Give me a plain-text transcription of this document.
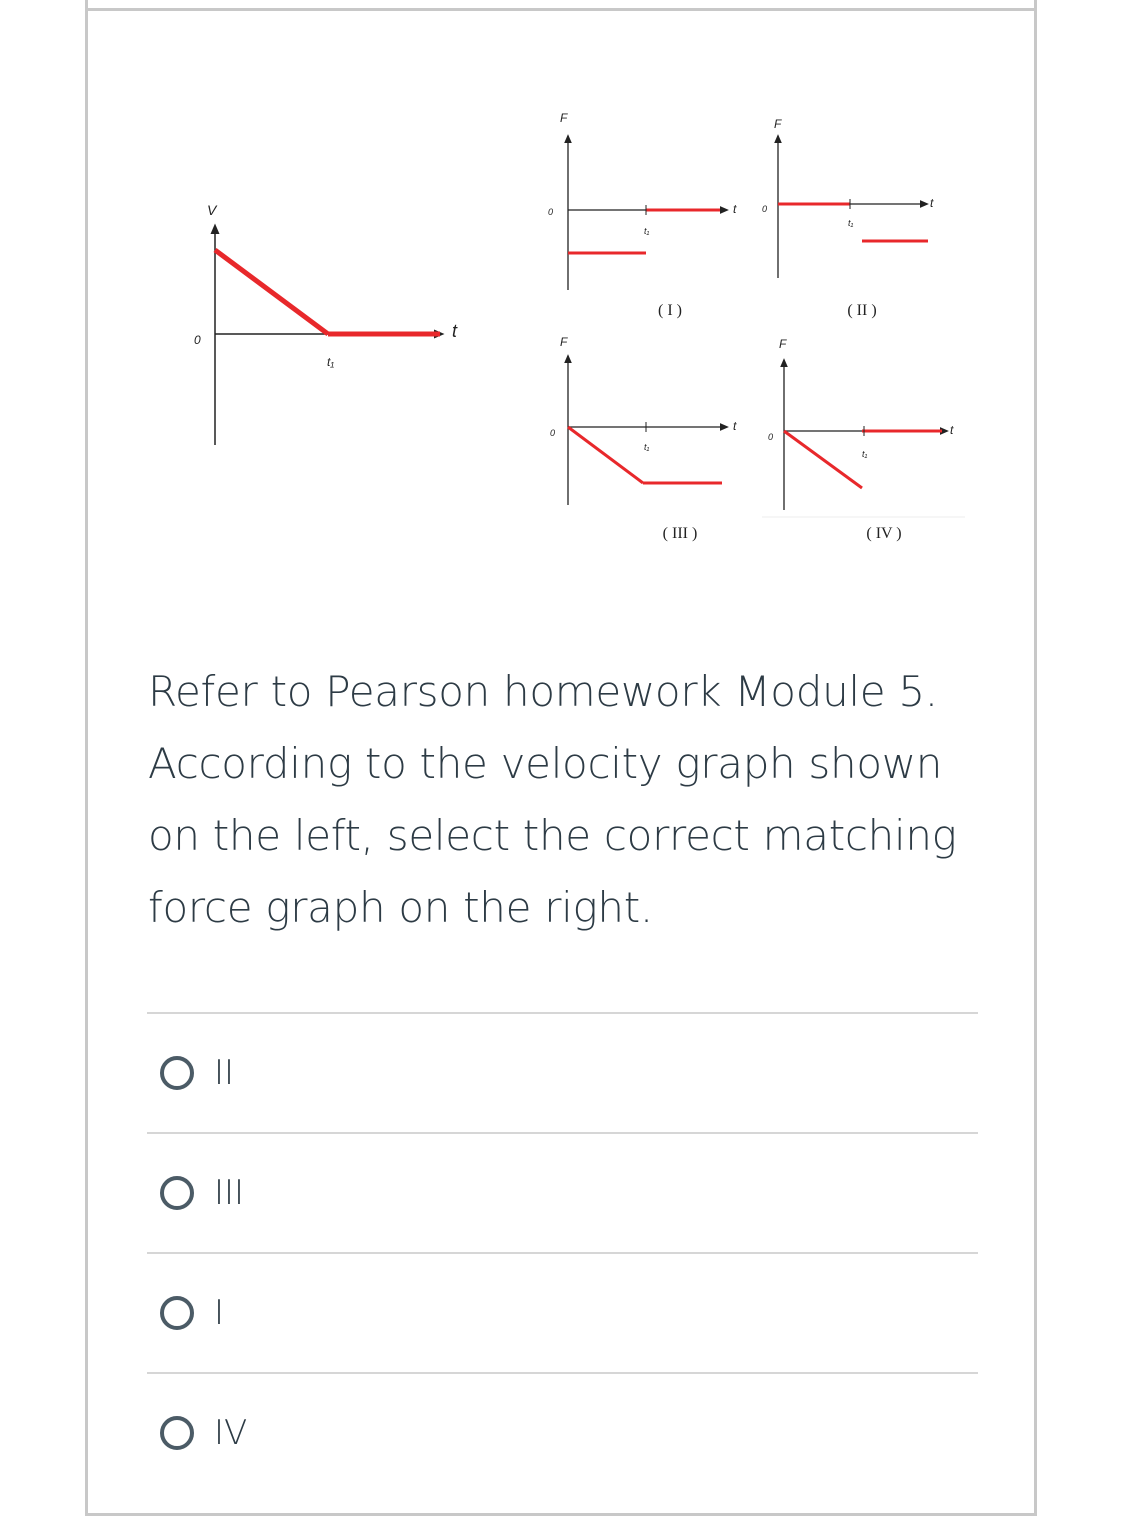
V
t
0
t₁
F
t
0
t₁
( I )
F
t
0
t₁
( II )
F
t
0
t₁
( III )
F
t
0
t₁
( IV )
Refer to Pearson homework Module 5.
According to the velocity graph shown
on the left, select the correct matching
force graph on the right.
II
III
I
IV
